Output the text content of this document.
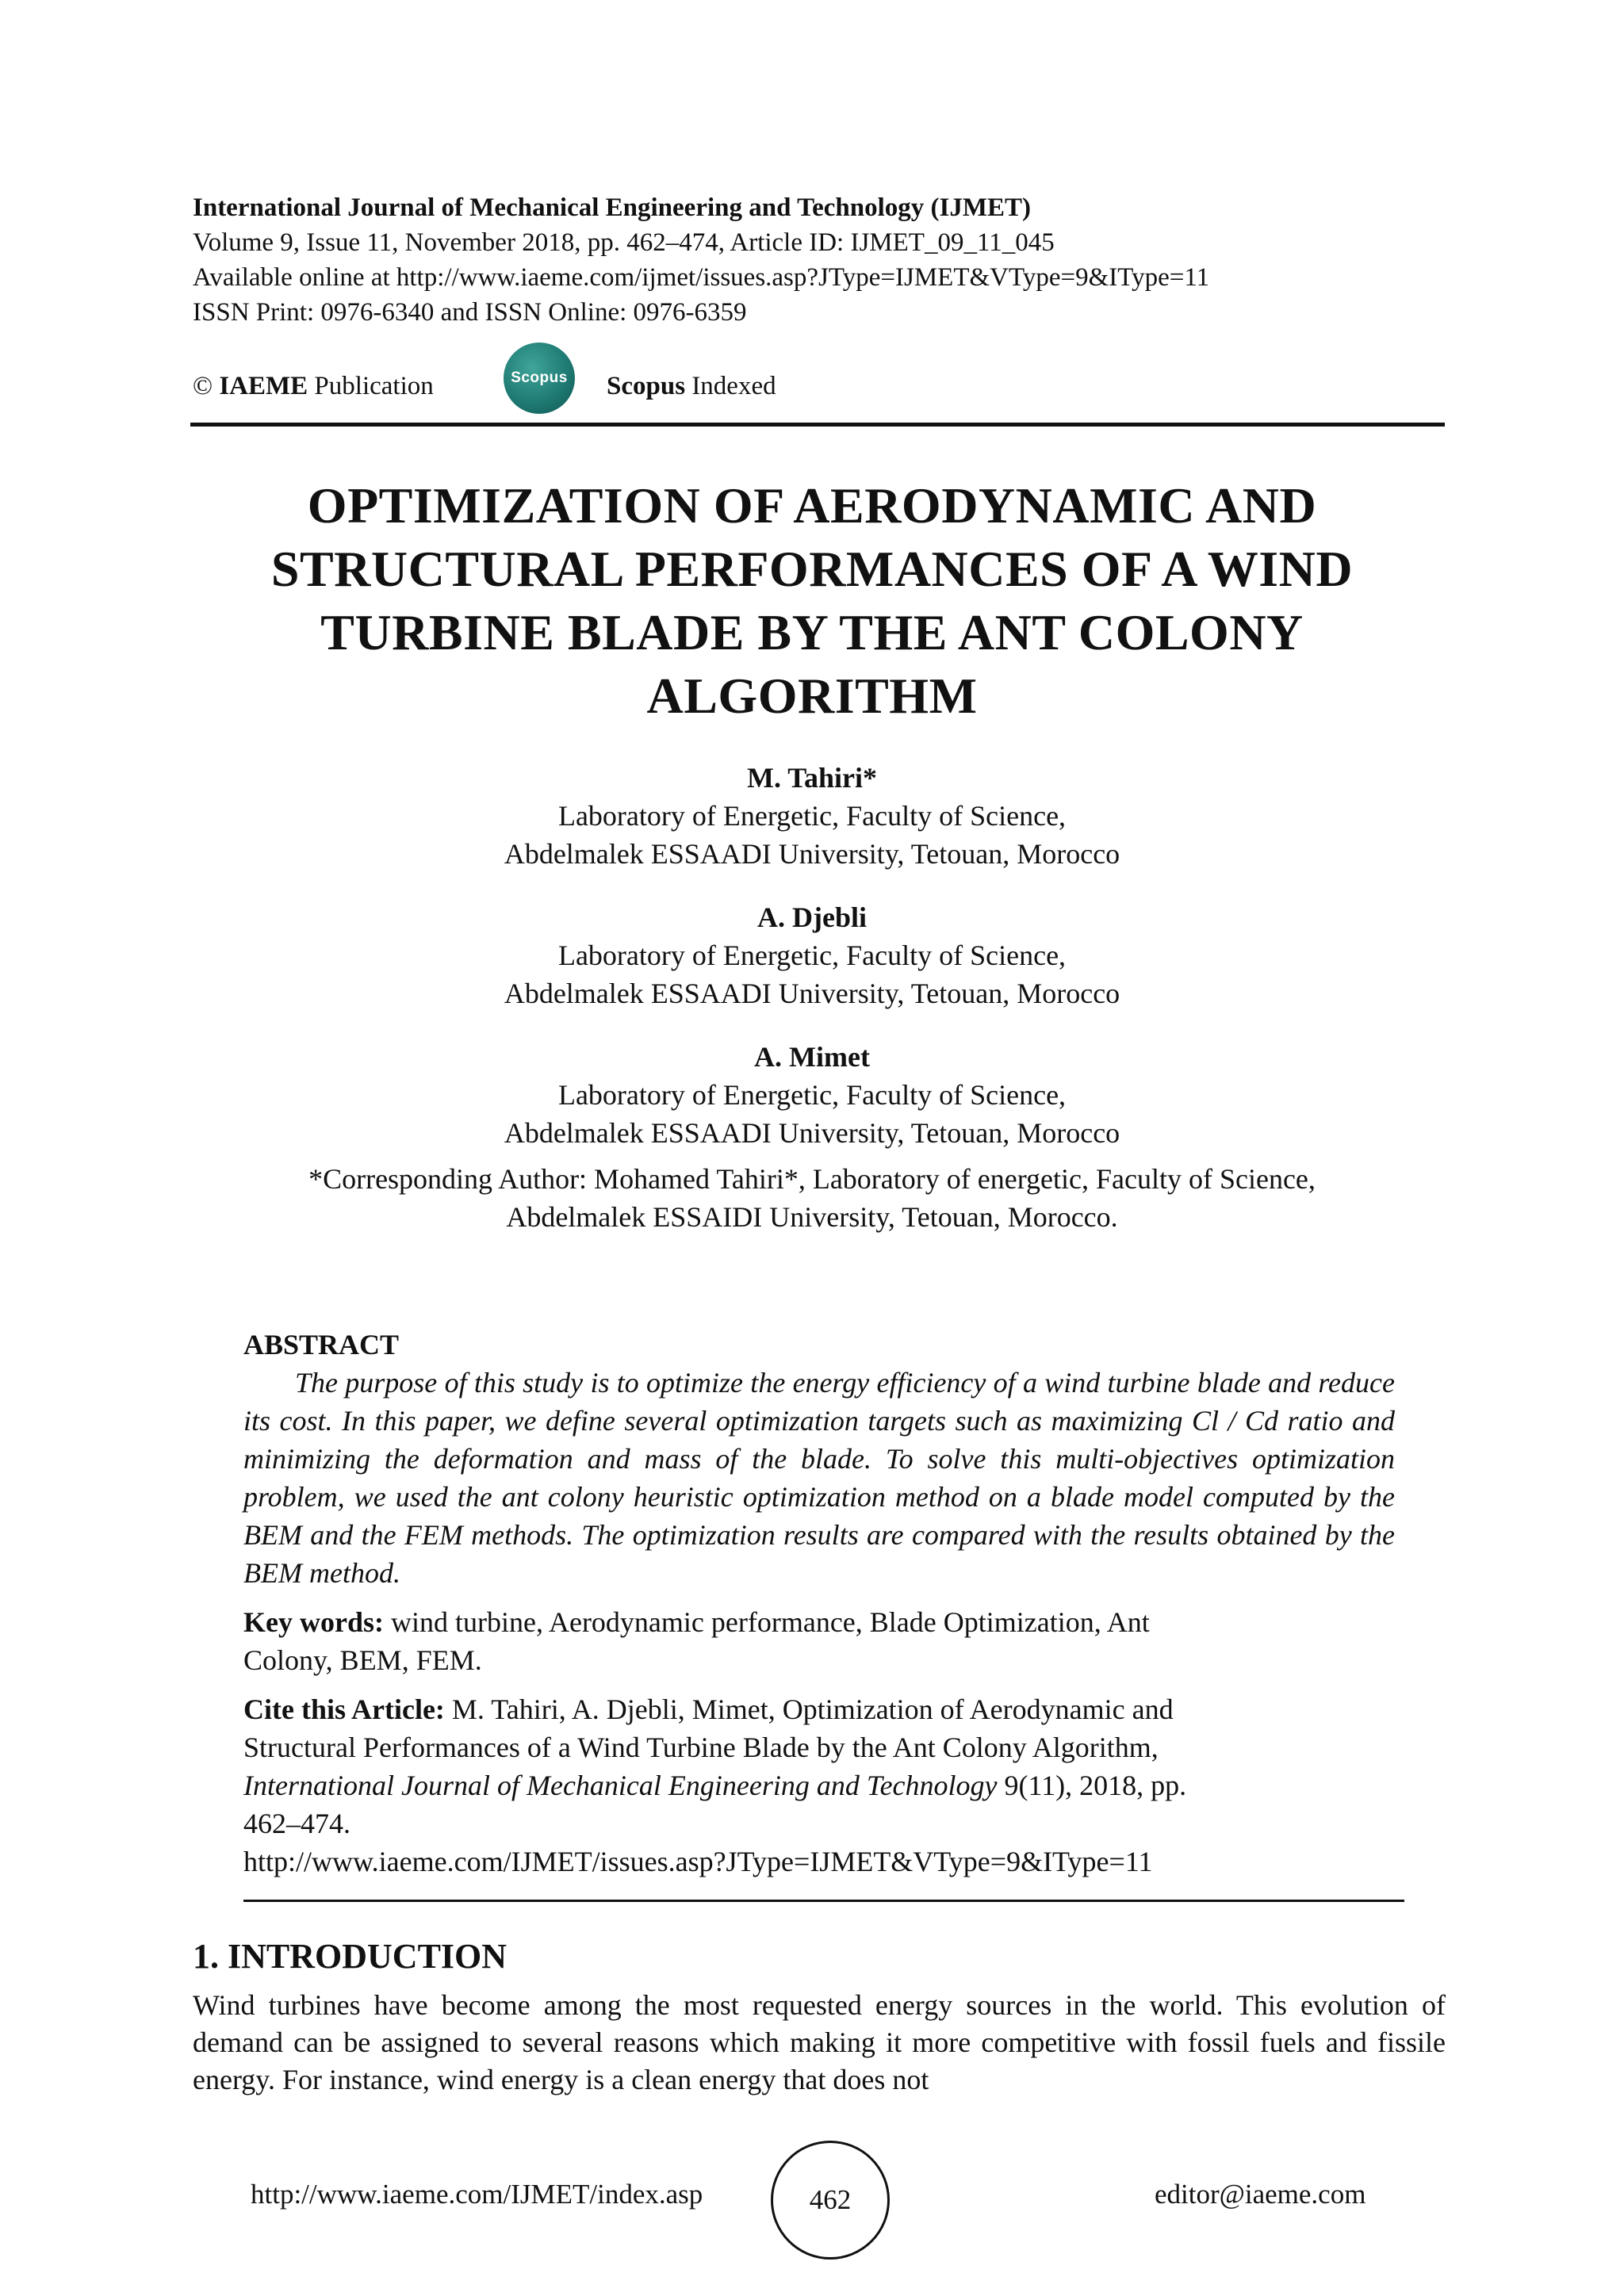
International Journal of Mechanical Engineering and Technology (IJMET)
Volume 9, Issue 11, November 2018, pp. 462–474, Article ID: IJMET_09_11_045
Available online at http://www.iaeme.com/ijmet/issues.asp?JType=IJMET&VType=9&IType=11
ISSN Print: 0976-6340 and ISSN Online: 0976-6359
© IAEME Publication	Scopus Scopus Indexed
OPTIMIZATION OF AERODYNAMIC AND
STRUCTURAL PERFORMANCES OF A WIND
TURBINE BLADE BY THE ANT COLONY
ALGORITHM
M. Tahiri*
Laboratory of Energetic, Faculty of Science,
Abdelmalek ESSAADI University, Tetouan, Morocco
A. Djebli
Laboratory of Energetic, Faculty of Science,
Abdelmalek ESSAADI University, Tetouan, Morocco
A. Mimet
Laboratory of Energetic, Faculty of Science,
Abdelmalek ESSAADI University, Tetouan, Morocco
*Corresponding Author: Mohamed Tahiri*, Laboratory of energetic, Faculty of Science,
Abdelmalek ESSAIDI University, Tetouan, Morocco.
ABSTRACT

The purpose of this study is to optimize the energy efficiency of a wind turbine blade and reduce its cost. In this paper, we define several optimization targets such as maximizing Cl / Cd ratio and minimizing the deformation and mass of the blade. To solve this multi-objectives optimization problem, we used the ant colony heuristic optimization method on a blade model computed by the BEM and the FEM methods. The optimization results are compared with the results obtained by the BEM method.

Key words: wind turbine, Aerodynamic performance, Blade Optimization, Ant
Colony, BEM, FEM.
Cite this Article: M. Tahiri, A. Djebli, Mimet, Optimization of Aerodynamic and
Structural Performances of a Wind Turbine Blade by the Ant Colony Algorithm,
International Journal of Mechanical Engineering and Technology 9(11), 2018, pp.
462–474.
http://www.iaeme.com/IJMET/issues.asp?JType=IJMET&VType=9&IType=11
1. INTRODUCTION

Wind turbines have become among the most requested energy sources in the world. This evolution of demand can be assigned to several reasons which making it more competitive with fossil fuels and fissile energy. For instance, wind energy is a clean energy that does not

http://www.iaeme.com/IJMET/index.asp	462	editor@iaeme.com
